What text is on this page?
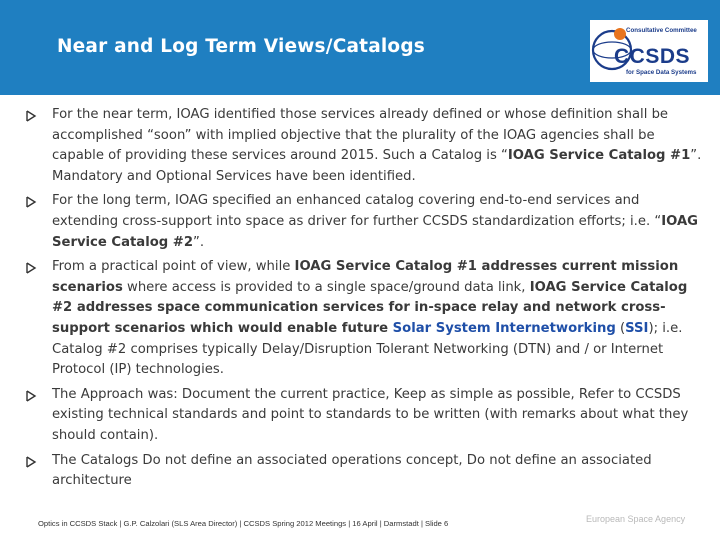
Near and Log Term Views/Catalogs
Consultative Committee
CCSDS
for Space Data Systems
For the near term, IOAG identified those services already defined or whose definition shall be accomplished “soon” with implied objective that the plurality of the IOAG agencies shall be capable of providing these services around 2015. Such a Catalog is “IOAG Service Catalog #1”. Mandatory and Optional Services have been identified.
For the long term, IOAG specified an enhanced catalog covering end-to-end services and extending cross-support into space as driver for further CCSDS standardization efforts; i.e. “IOAG Service Catalog #2”.
From a practical point of view, while IOAG Service Catalog #1 addresses current mission scenarios where access is provided to a single space/ground data link, IOAG Service Catalog #2 addresses space communication services for in-space relay and network cross-support scenarios which would enable future Solar System Internetworking (SSI); i.e. Catalog #2 comprises typically Delay/Disruption Tolerant Networking (DTN) and / or Internet Protocol (IP) technologies.
The Approach was: Document the current practice, Keep as simple as possible, Refer to CCSDS existing technical standards and point to standards to be written (with remarks about what they should contain).
The Catalogs Do not define an associated operations concept, Do not define an associated architecture
Optics in CCSDS Stack | G.P. Calzolari (SLS Area Director) | CCSDS Spring 2012 Meetings | 16 April | Darmstadt | Slide 6	European Space Agency
